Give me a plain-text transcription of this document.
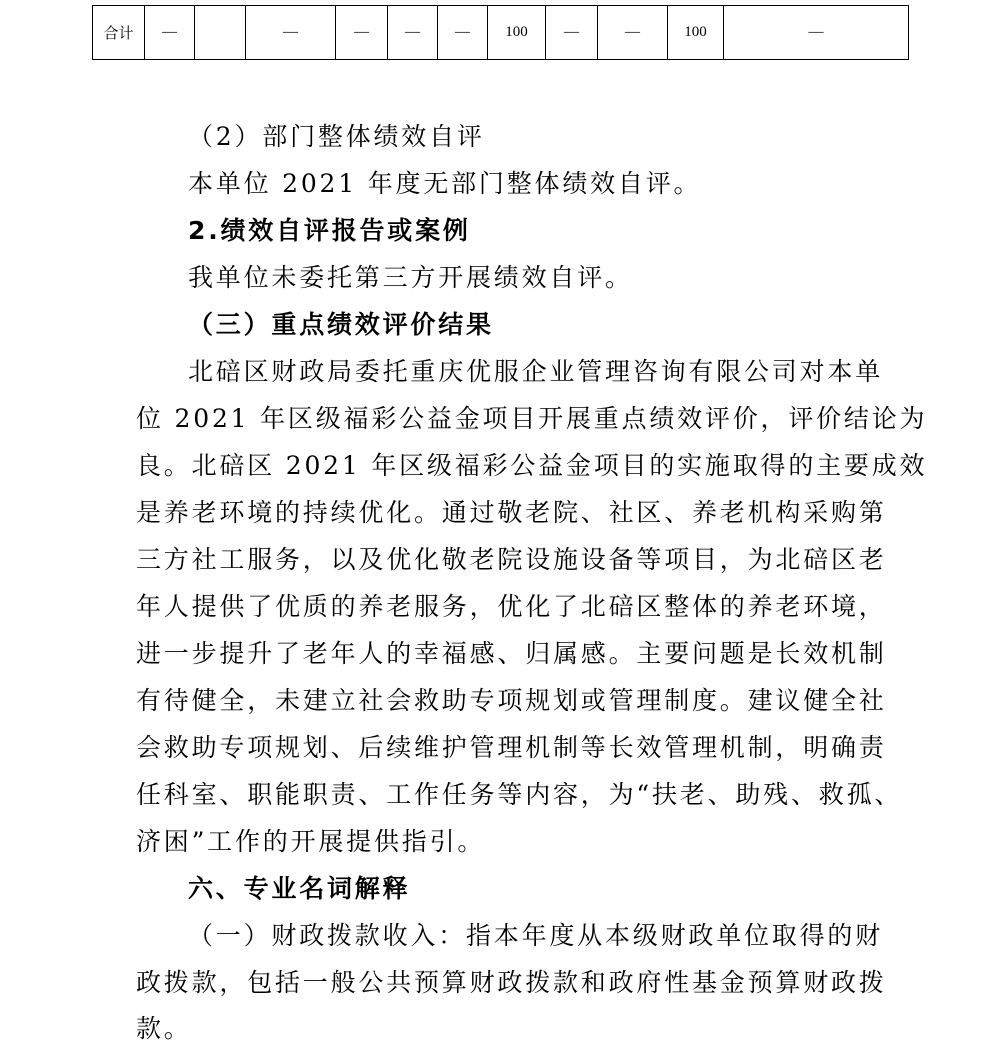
合计	—		—	—	—	—	100	—	—	100	—
（2）部门整体绩效自评
本单位 2021 年度无部门整体绩效自评。
2.绩效自评报告或案例
我单位未委托第三方开展绩效自评。
（三）重点绩效评价结果
北碚区财政局委托重庆优服企业管理咨询有限公司对本单
位 2021 年区级福彩公益金项目开展重点绩效评价，评价结论为
良。北碚区 2021 年区级福彩公益金项目的实施取得的主要成效
是养老环境的持续优化。通过敬老院、社区、养老机构采购第
三方社工服务，以及优化敬老院设施设备等项目，为北碚区老
年人提供了优质的养老服务，优化了北碚区整体的养老环境，
进一步提升了老年人的幸福感、归属感。主要问题是长效机制
有待健全，未建立社会救助专项规划或管理制度。建议健全社
会救助专项规划、后续维护管理机制等长效管理机制，明确责
任科室、职能职责、工作任务等内容，为“扶老、助残、救孤、
济困”工作的开展提供指引。
六、专业名词解释
（一）财政拨款收入：指本年度从本级财政单位取得的财
政拨款，包括一般公共预算财政拨款和政府性基金预算财政拨
款。
